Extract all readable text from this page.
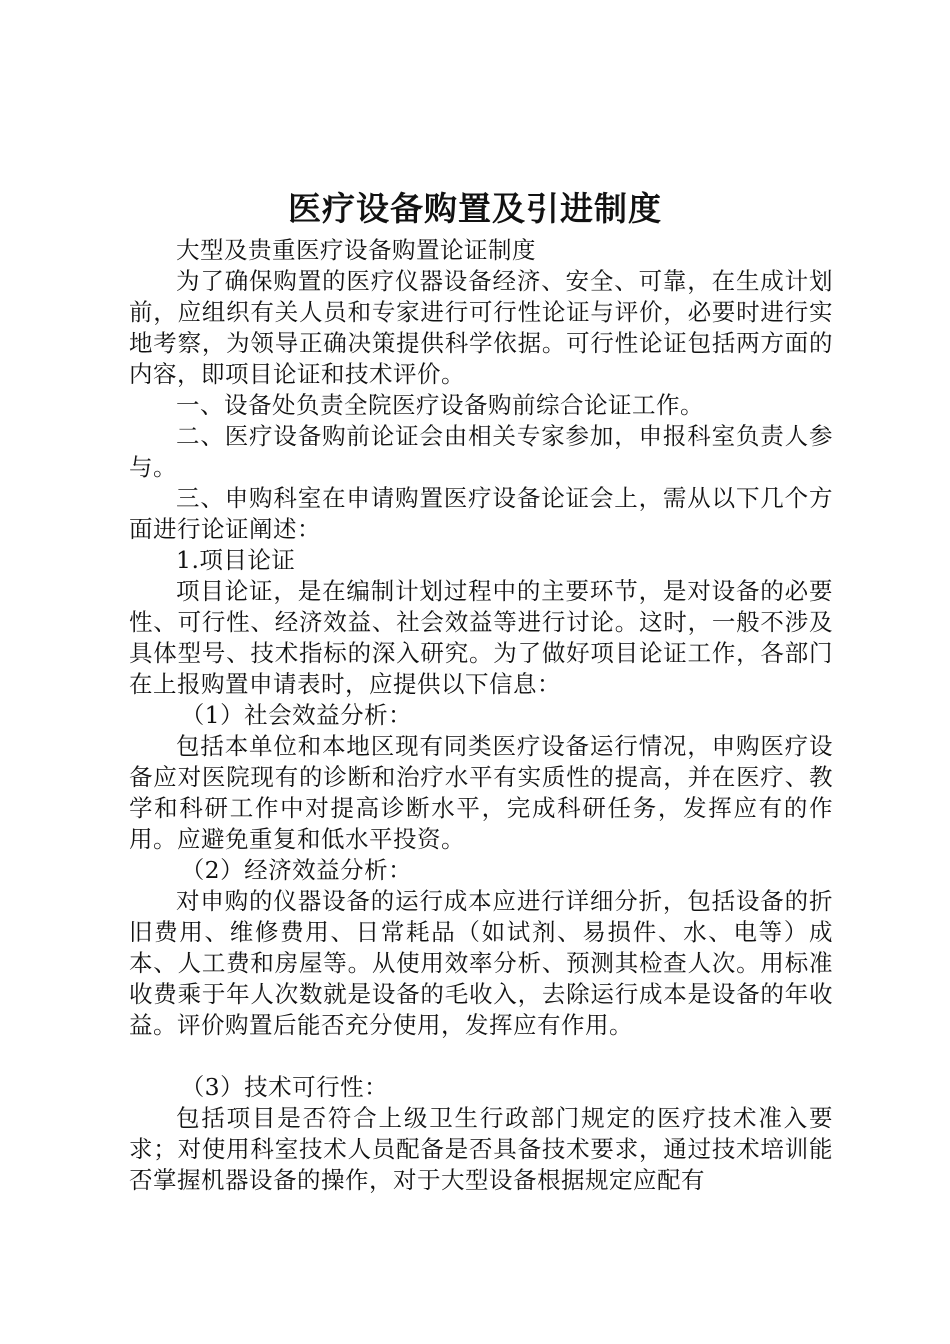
医疗设备购置及引进制度

大型及贵重医疗设备购置论证制度

为了确保购置的医疗仪器设备经济、安全、可靠，在生成计划前，应组织有关人员和专家进行可行性论证与评价，必要时进行实地考察，为领导正确决策提供科学依据。可行性论证包括两方面的内容，即项目论证和技术评价。

一、设备处负责全院医疗设备购前综合论证工作。

二、医疗设备购前论证会由相关专家参加，申报科室负责人参与。

三、申购科室在申请购置医疗设备论证会上，需从以下几个方面进行论证阐述：

1.项目论证

项目论证，是在编制计划过程中的主要环节，是对设备的必要性、可行性、经济效益、社会效益等进行讨论。这时，一般不涉及具体型号、技术指标的深入研究。为了做好项目论证工作，各部门在上报购置申请表时，应提供以下信息：

（1）社会效益分析：

包括本单位和本地区现有同类医疗设备运行情况，申购医疗设备应对医院现有的诊断和治疗水平有实质性的提高，并在医疗、教学和科研工作中对提高诊断水平，完成科研任务，发挥应有的作用。应避免重复和低水平投资。

（2）经济效益分析：

对申购的仪器设备的运行成本应进行详细分折，包括设备的折旧费用、维修费用、日常耗品（如试剂、易损件、水、电等）成本、人工费和房屋等。从使用效率分析、预测其检查人次。用标准收费乘于年人次数就是设备的毛收入，去除运行成本是设备的年收益。评价购置后能否充分使用，发挥应有作用。

（3）技术可行性：

包括项目是否符合上级卫生行政部门规定的医疗技术准入要求；对使用科室技术人员配备是否具备技术要求，通过技术培训能否掌握机器设备的操作，对于大型设备根据规定应配有
